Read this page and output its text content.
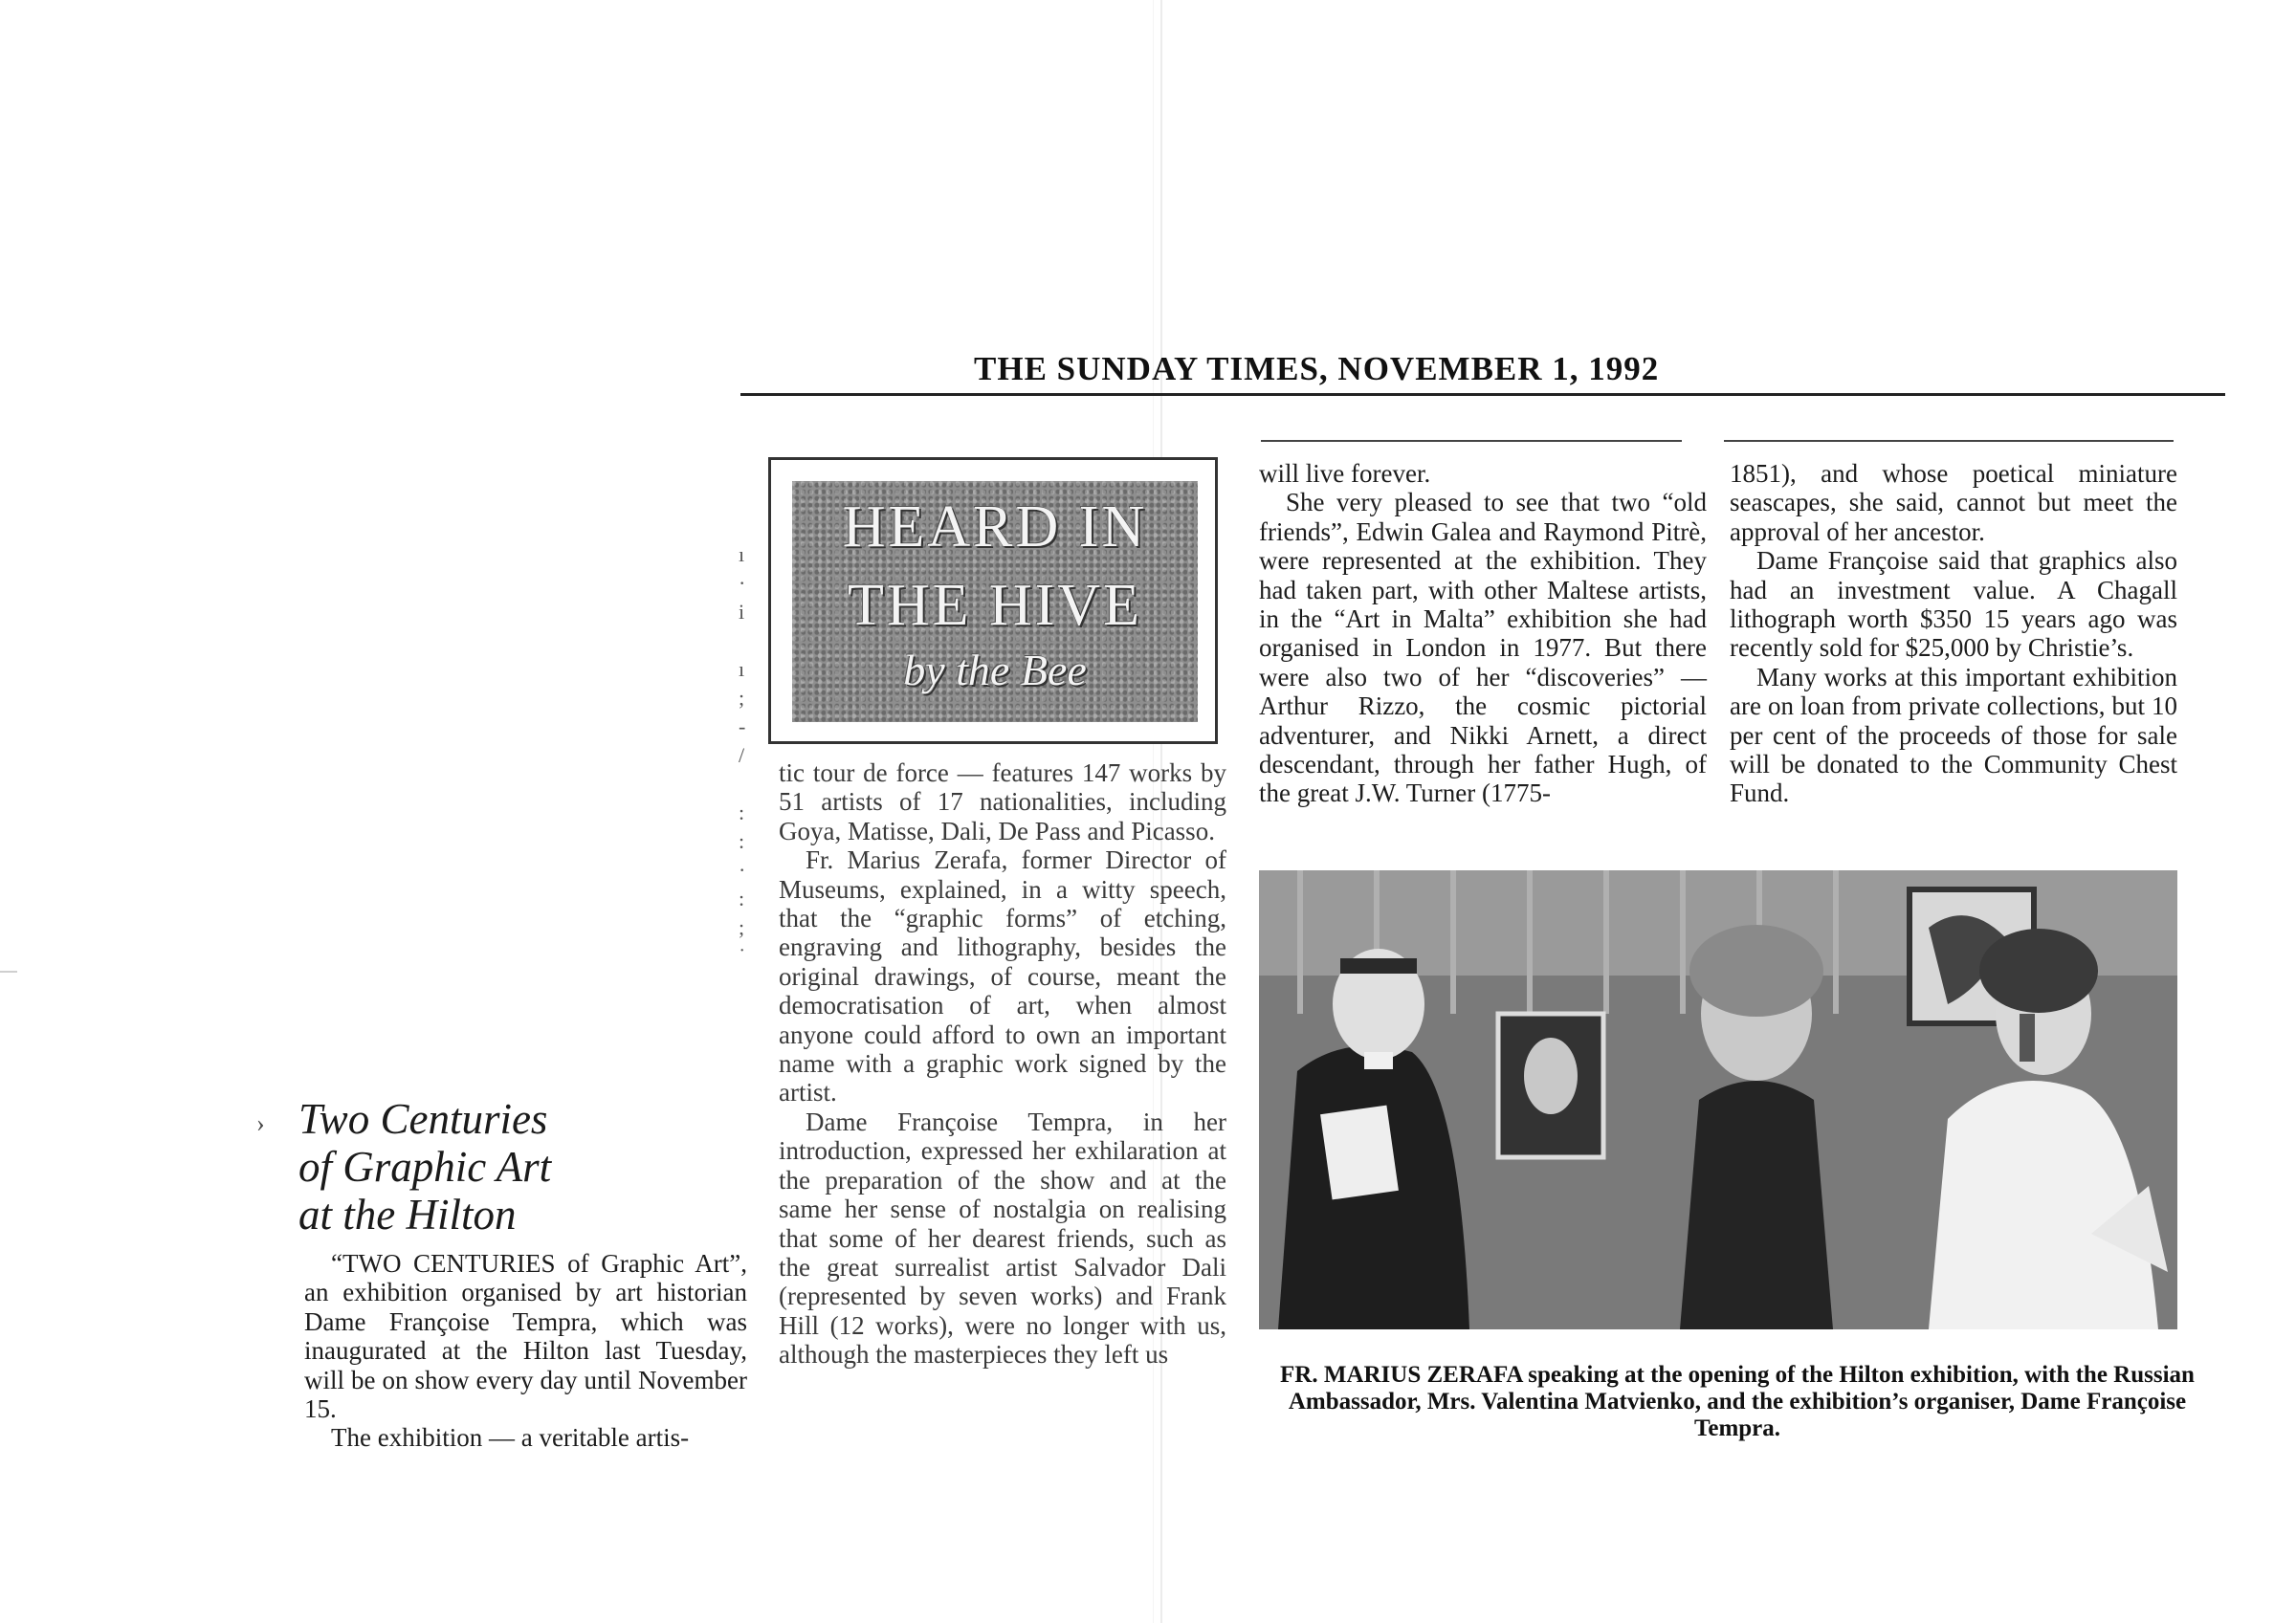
THE SUNDAY TIMES, NOVEMBER 1, 1992
ı
·
i

ı
;
-
/

:
:
·
:
;
˙
›
HEARD IN
THE HIVE
by the Bee
Two Centuries
of Graphic Art
at the Hilton

“TWO CENTURIES of Graphic Art”, an exhibition organised by art historian Dame Françoise Tempra, which was inaugurated at the Hilton last Tuesday, will be on show every day until November 15.

The exhibition — a veritable artis-

tic tour de force — features 147 works by 51 artists of 17 nationalities, including Goya, Matisse, Dali, De Pass and Picasso.

Fr. Marius Zerafa, former Director of Museums, explained, in a witty speech, that the “graphic forms” of etching, engraving and lithography, besides the original drawings, of course, meant the democratisation of art, when almost anyone could afford to own an important name with a graphic work signed by the artist.

Dame Françoise Tempra, in her introduction, expressed her exhilaration at the preparation of the show and at the same her sense of nostalgia on realising that some of her dearest friends, such as the great surrealist artist Salvador Dali (represented by seven works) and Frank Hill (12 works), were no longer with us, although the masterpieces they left us

will live forever.

She very pleased to see that two “old friends”, Edwin Galea and Raymond Pitrè, were represented at the exhibition. They had taken part, with other Maltese artists, in the “Art in Malta” exhibition she had organised in London in 1977. But there were also two of her “discoveries” — Arthur Rizzo, the cosmic pictorial adventurer, and Nikki Arnett, a direct descendant, through her father Hugh, of the great J.W. Turner (1775-

1851), and whose poetical miniature seascapes, she said, cannot but meet the approval of her ancestor.

Dame Françoise said that graphics also had an investment value. A Chagall lithograph worth $350 15 years ago was recently sold for $25,000 by Christie’s.

Many works at this important exhibition are on loan from private collections, but 10 per cent of the proceeds of those for sale will be donated to the Community Chest Fund.

FR. MARIUS ZERAFA speaking at the opening of the Hilton exhibition, with the Russian Ambassador, Mrs. Valentina Matvienko, and the exhibition’s organiser, Dame Françoise Tempra.
